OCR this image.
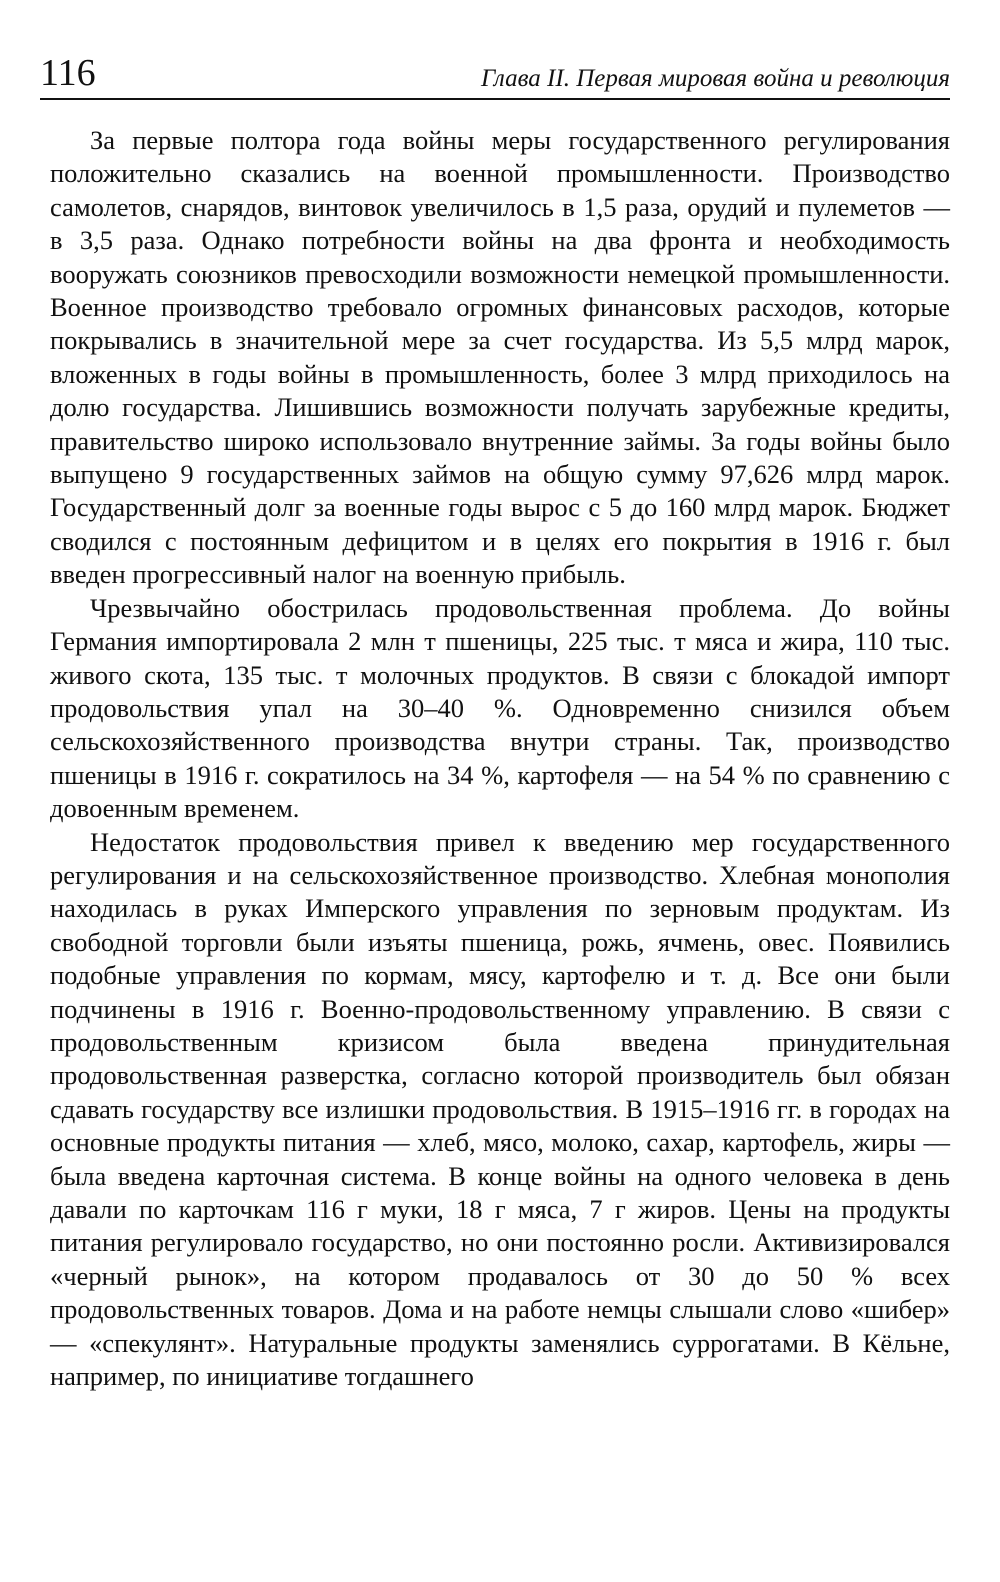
116	Глава II. Первая мировая война и революция

За первые полтора года войны меры государственного регулирования положительно сказались на военной промышленности. Производство самолетов, снарядов, винтовок увеличилось в 1,5 раза, орудий и пулеметов — в 3,5 раза. Однако потребности войны на два фронта и необходимость вооружать союзников превосходили возможности немецкой промышленности. Военное производство требовало огромных финансовых расходов, которые покрывались в значительной мере за счет государства. Из 5,5 млрд марок, вложенных в годы войны в промышленность, более 3 млрд приходилось на долю государства. Лишившись возможности получать зарубежные кредиты, правительство широко использовало внутренние займы. За годы войны было выпущено 9 государственных займов на общую сумму 97,626 млрд марок. Государственный долг за военные годы вырос с 5 до 160 млрд марок. Бюджет сводился с постоянным дефицитом и в целях его покрытия в 1916 г. был введен прогрессивный налог на военную прибыль.

Чрезвычайно обострилась продовольственная проблема. До войны Германия импортировала 2 млн т пшеницы, 225 тыс. т мяса и жира, 110 тыс. живого скота, 135 тыс. т молочных продуктов. В связи с блокадой импорт продовольствия упал на 30–40 %. Одновременно снизился объем сельскохозяйственного производства внутри страны. Так, производство пшеницы в 1916 г. сократилось на 34 %, картофеля — на 54 % по сравнению с довоенным временем.

Недостаток продовольствия привел к введению мер государственного регулирования и на сельскохозяйственное производство. Хлебная монополия находилась в руках Имперского управления по зерновым продуктам. Из свободной торговли были изъяты пшеница, рожь, ячмень, овес. Появились подобные управления по кормам, мясу, картофелю и т. д. Все они были подчинены в 1916 г. Военно-продовольственному управлению. В связи с продовольственным кризисом была введена принудительная продовольственная разверстка, согласно которой производитель был обязан сдавать государству все излишки продовольствия. В 1915–1916 гг. в городах на основные продукты питания — хлеб, мясо, молоко, сахар, картофель, жиры — была введена карточная система. В конце войны на одного человека в день давали по карточкам 116 г муки, 18 г мяса, 7 г жиров. Цены на продукты питания регулировало государство, но они постоянно росли. Активизировался «черный рынок», на котором продавалось от 30 до 50 % всех продовольственных товаров. Дома и на работе немцы слышали слово «шибер» — «спекулянт». Натуральные продукты заменялись суррогатами. В Кёльне, например, по инициативе тогдашнего
